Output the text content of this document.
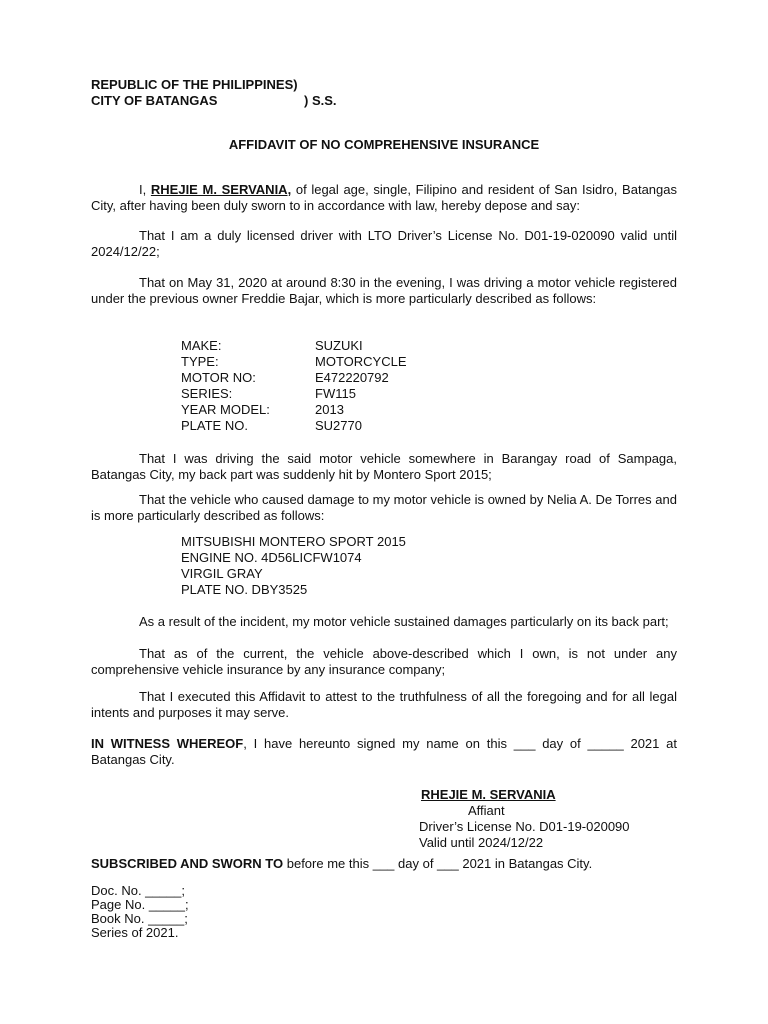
REPUBLIC OF THE PHILIPPINES)
CITY OF BATANGAS	) S.S.
AFFIDAVIT OF NO COMPREHENSIVE INSURANCE

I, RHEJIE M. SERVANIA, of legal age, single, Filipino and resident of San Isidro, Batangas City, after having been duly sworn to in accordance with law, hereby depose and say:

That I am a duly licensed driver with LTO Driver’s License No. D01-19-020090 valid until 2024/12/22;

That on May 31, 2020 at around 8:30 in the evening, I was driving a motor vehicle registered under the previous owner Freddie Bajar, which is more particularly described as follows:

MAKE:	SUZUKI
TYPE:	MOTORCYCLE
MOTOR NO:	E472220792
SERIES:	FW115
YEAR MODEL:	2013
PLATE NO.	SU2770

That I was driving the said motor vehicle somewhere in Barangay road of Sampaga, Batangas City, my back part was suddenly hit by Montero Sport 2015;

That the vehicle who caused damage to my motor vehicle is owned by Nelia A. De Torres and is more particularly described as follows:

MITSUBISHI MONTERO SPORT 2015
ENGINE NO. 4D56LICFW1074
VIRGIL GRAY
PLATE NO. DBY3525

As a result of the incident, my motor vehicle sustained damages particularly on its back part;

That as of the current, the vehicle above-described which I own, is not under any comprehensive vehicle insurance by any insurance company;

That I executed this Affidavit to attest to the truthfulness of all the foregoing and for all legal intents and purposes it may serve.

IN WITNESS WHEREOF, I have hereunto signed my name on this ___ day of _____ 2021 at Batangas City.

RHEJIE M. SERVANIA
Affiant
Driver’s License No. D01-19-020090
Valid until 2024/12/22

SUBSCRIBED AND SWORN TO before me this ___ day of ___ 2021 in Batangas City.

Doc. No. _____;
Page No. _____;
Book No. _____;
Series of 2021.
